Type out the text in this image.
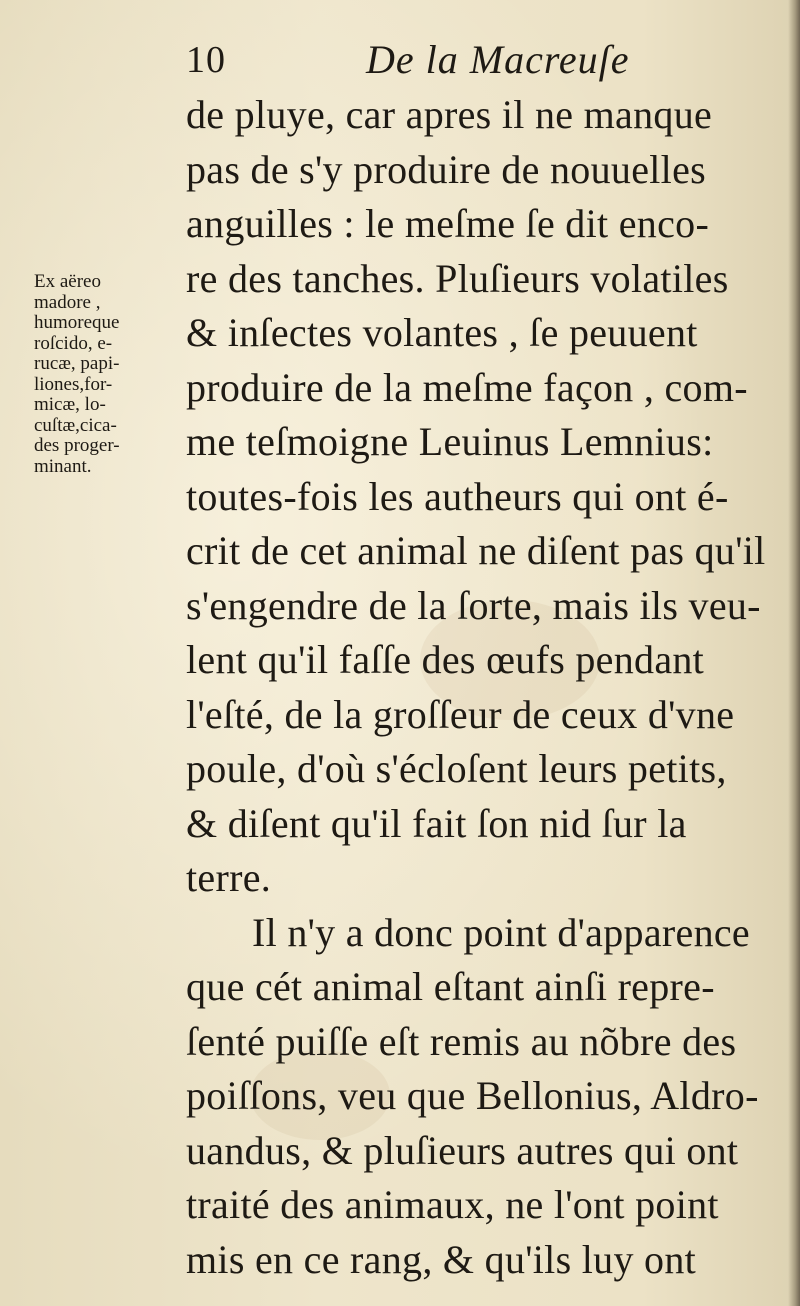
10	De la Macreuſe
Ex aëreo
madore ,
humoreque
roſcido, e-
rucæ, papi-
liones,for-
micæ, lo-
cuſtæ,cica-
des proger-
minant.
de pluye, car apres il ne manque
pas de s'y produire de nouuelles
anguilles : le meſme ſe dit enco-
re des tanches. Pluſieurs volatiles
& inſectes volantes , ſe peuuent
produire de la meſme façon , com-
me teſmoigne Leuinus Lemnius:
toutes-fois les autheurs qui ont é-
crit de cet animal ne diſent pas qu'il
s'engendre de la ſorte, mais ils veu-
lent qu'il faſſe des œufs pendant
l'eſté, de la groſſeur de ceux d'vne
poule, d'où s'écloſent leurs petits,
& diſent qu'il fait ſon nid ſur la
terre.
Il n'y a donc point d'apparence
que cét animal eſtant ainſi repre-
ſenté puiſſe eſt remis au nõbre des
poiſſons, veu que Bellonius, Aldro-
uandus, & pluſieurs autres qui ont
traité des animaux, ne l'ont point
mis en ce rang, & qu'ils luy ont
